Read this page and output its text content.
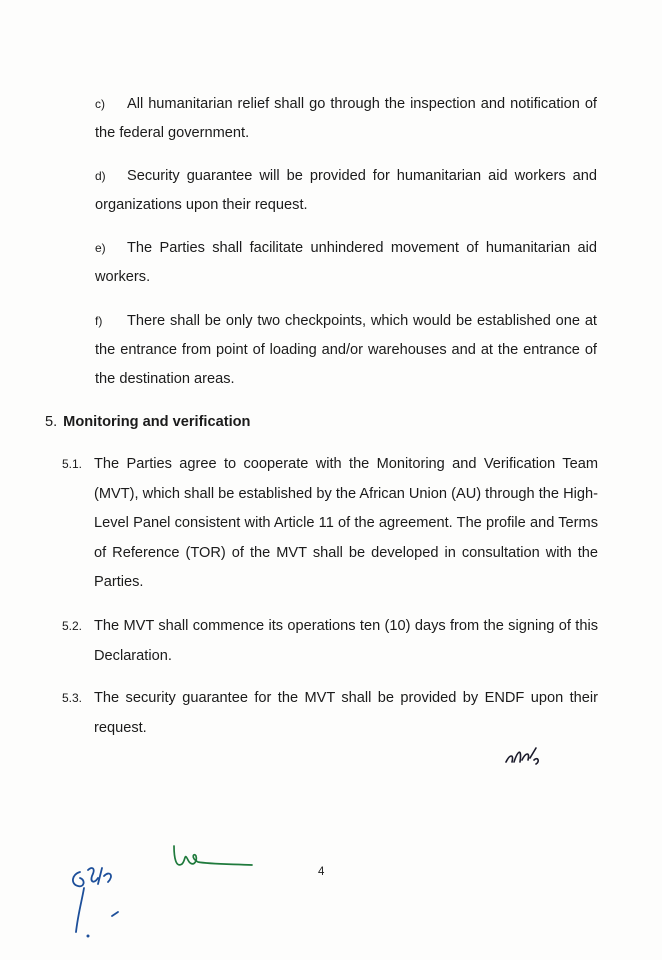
c) All humanitarian relief shall go through the inspection and notification of the federal government.
d) Security guarantee will be provided for humanitarian aid workers and organizations upon their request.
e) The Parties shall facilitate unhindered movement of humanitarian aid workers.
f) There shall be only two checkpoints, which would be established one at the entrance from point of loading and/or warehouses and at the entrance of the destination areas.
5. Monitoring and verification
5.1. The Parties agree to cooperate with the Monitoring and Verification Team (MVT), which shall be established by the African Union (AU) through the High-Level Panel consistent with Article 11 of the agreement. The profile and Terms of Reference (TOR) of the MVT shall be developed in consultation with the Parties.
5.2. The MVT shall commence its operations ten (10) days from the signing of this Declaration.
5.3. The security guarantee for the MVT shall be provided by ENDF upon their request.
4
